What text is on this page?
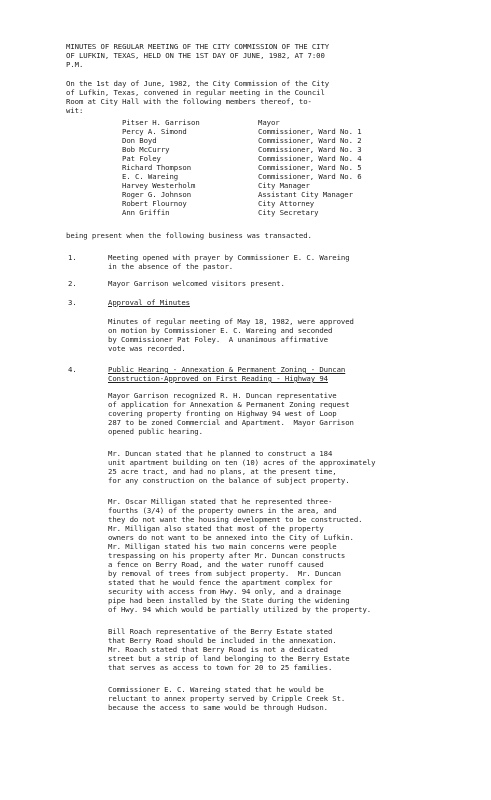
MINUTES OF REGULAR MEETING OF THE CITY COMMISSION OF THE CITY
OF LUFKIN, TEXAS, HELD ON THE 1ST DAY OF JUNE, 1982, AT 7:00
P.M.
On the 1st day of June, 1982, the City Commission of the City
of Lufkin, Texas, convened in regular meeting in the Council
Room at City Hall with the following members thereof, to-
wit:
Pitser H. Garrison	Mayor
Percy A. Simond	Commissioner, Ward No. 1
Don Boyd	Commissioner, Ward No. 2
Bob McCurry	Commissioner, Ward No. 3
Pat Foley	Commissioner, Ward No. 4
Richard Thompson	Commissioner, Ward No. 5
E. C. Wareing	Commissioner, Ward No. 6
Harvey Westerholm	City Manager
Roger G. Johnson	Assistant City Manager
Robert Flournoy	City Attorney
Ann Griffin	City Secretary
being present when the following business was transacted.
1.	Meeting opened with prayer by Commissioner E. C. Wareing
in the absence of the pastor.
2.	Mayor Garrison welcomed visitors present.
3.	Approval of Minutes
Minutes of regular meeting of May 18, 1982, were approved
on motion by Commissioner E. C. Wareing and seconded
by Commissioner Pat Foley.  A unanimous affirmative
vote was recorded.
4.	Public Hearing - Annexation & Permanent Zoning - Duncan
Construction-Approved on First Reading - Highway 94
Mayor Garrison recognized R. H. Duncan representative
of application for Annexation & Permanent Zoning request
covering property fronting on Highway 94 west of Loop
287 to be zoned Commercial and Apartment.  Mayor Garrison
opened public hearing.
Mr. Duncan stated that he planned to construct a 184
unit apartment building on ten (10) acres of the approximately
25 acre tract, and had no plans, at the present time,
for any construction on the balance of subject property.
Mr. Oscar Milligan stated that he represented three-
fourths (3/4) of the property owners in the area, and
they do not want the housing development to be constructed.
Mr. Milligan also stated that most of the property
owners do not want to be annexed into the City of Lufkin.
Mr. Milligan stated his two main concerns were people
trespassing on his property after Mr. Duncan constructs
a fence on Berry Road, and the water runoff caused
by removal of trees from subject property.  Mr. Duncan
stated that he would fence the apartment complex for
security with access from Hwy. 94 only, and a drainage
pipe had been installed by the State during the widening
of Hwy. 94 which would be partially utilized by the property.
Bill Roach representative of the Berry Estate stated
that Berry Road should be included in the annexation.
Mr. Roach stated that Berry Road is not a dedicated
street but a strip of land belonging to the Berry Estate
that serves as access to town for 20 to 25 families.
Commissioner E. C. Wareing stated that he would be
reluctant to annex property served by Cripple Creek St.
because the access to same would be through Hudson.
